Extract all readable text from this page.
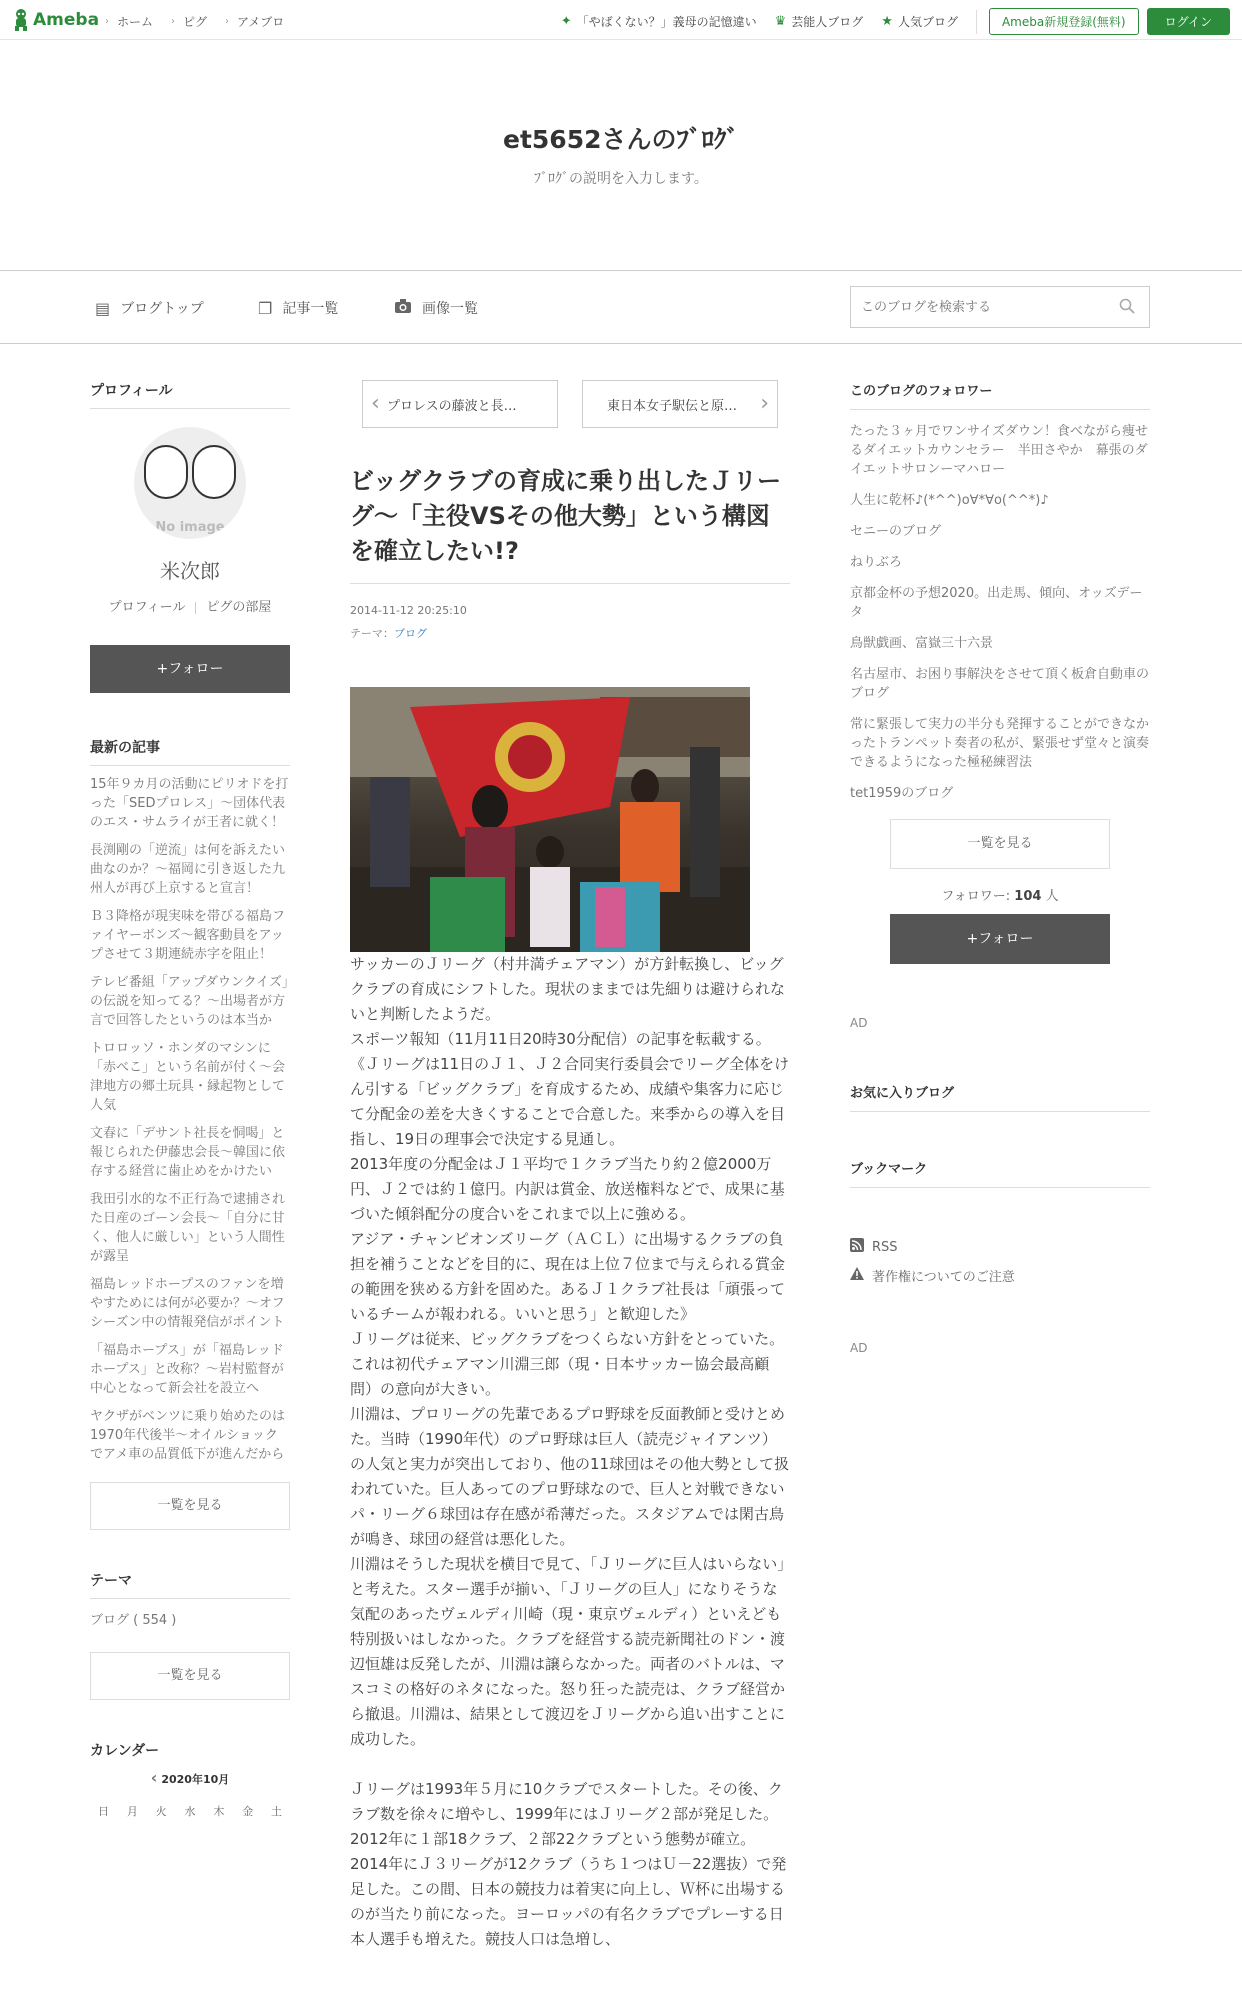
Ameba › ホーム › ピグ › アメブロ	✦ 「やばくない？」義母の記憶違い ♛ 芸能人ブログ ★ 人気ブログ	Ameba新規登録(無料)	ログイン
et5652さんのﾌﾞﾛｸﾞ
ﾌﾞﾛｸﾞの説明を入力します。
▤ ブログトップ	❐ 記事一覧	画像一覧
このブログを検索する
プロフィール
No image
米次郎
プロフィール ピグの部屋
+フォロー
最新の記事
15年９カ月の活動にピリオドを打った「SEDプロレス」～団体代表のエス・サムライが王者に就く！
長渕剛の「逆流」は何を訴えたい曲なのか？～福岡に引き返した九州人が再び上京すると宣言！
Ｂ３降格が現実味を帯びる福島ファイヤーボンズ～観客動員をアップさせて３期連続赤字を阻止！
テレビ番組「アップダウンクイズ」の伝説を知ってる？～出場者が方言で回答したというのは本当か
トロロッソ・ホンダのマシンに「赤べこ」という名前が付く～会津地方の郷土玩具・縁起物として人気
文春に「デサント社長を恫喝」と報じられた伊藤忠会長～韓国に依存する経営に歯止めをかけたい
我田引水的な不正行為で逮捕された日産のゴーン会長～「自分に甘く、他人に厳しい」という人間性が露呈
福島レッドホープスのファンを増やすためには何が必要か？～オフシーズン中の情報発信がポイント
「福島ホープス」が「福島レッドホープス」と改称？～岩村監督が中心となって新会社を設立へ
ヤクザがベンツに乗り始めたのは1970年代後半～オイルショックでアメ車の品質低下が進んだから
一覧を見る
テーマ
ブログ ( 554 )
一覧を見る
カレンダー
‹ 2020年10月
日 月 火 水 木 金 土
‹ プロレスの藤波と長…	東日本女子駅伝と原… ›
ビッグクラブの育成に乗り出したＪリーグ～「主役VSその他大勢」という構図を確立したい!?
2014-11-12 20:25:10
テーマ：ブログ

サッカーのＪリーグ（村井満チェアマン）が方針転換し、ビッグクラブの育成にシフトした。現状のままでは先細りは避けられないと判断したようだ。

スポーツ報知（11月11日20時30分配信）の記事を転載する。

《Ｊリーグは11日のＪ１、Ｊ２合同実行委員会でリーグ全体をけん引する「ビッグクラブ」を育成するため、成績や集客力に応じて分配金の差を大きくすることで合意した。来季からの導入を目指し、19日の理事会で決定する見通し。

2013年度の分配金はＪ１平均で１クラブ当たり約２億2000万円、Ｊ２では約１億円。内訳は賞金、放送権料などで、成果に基づいた傾斜配分の度合いをこれまで以上に強める。

アジア・チャンピオンズリーグ（ＡＣＬ）に出場するクラブの負担を補うことなどを目的に、現在は上位７位まで与えられる賞金の範囲を狭める方針を固めた。あるＪ１クラブ社長は「頑張っているチームが報われる。いいと思う」と歓迎した》

Ｊリーグは従来、ビッグクラブをつくらない方針をとっていた。これは初代チェアマン川淵三郎（現・日本サッカー協会最高顧問）の意向が大きい。

川淵は、プロリーグの先輩であるプロ野球を反面教師と受けとめた。当時（1990年代）のプロ野球は巨人（読売ジャイアンツ）の人気と実力が突出しており、他の11球団はその他大勢として扱われていた。巨人あってのプロ野球なので、巨人と対戦できないパ・リーグ６球団は存在感が希薄だった。スタジアムでは閑古鳥が鳴き、球団の経営は悪化した。

川淵はそうした現状を横目で見て、「Ｊリーグに巨人はいらない」と考えた。スター選手が揃い、「Ｊリーグの巨人」になりそうな気配のあったヴェルディ川崎（現・東京ヴェルディ）といえども特別扱いはしなかった。クラブを経営する読売新聞社のドン・渡辺恒雄は反発したが、川淵は譲らなかった。両者のバトルは、マスコミの格好のネタになった。怒り狂った読売は、クラブ経営から撤退。川淵は、結果として渡辺をＪリーグから追い出すことに成功した。

Ｊリーグは1993年５月に10クラブでスタートした。その後、クラブ数を徐々に増やし、1999年にはＪリーグ２部が発足した。2012年に１部18クラブ、２部22クラブという態勢が確立。2014年にＪ３リーグが12クラブ（うち１つはＵ－22選抜）で発足した。この間、日本の競技力は着実に向上し、Ｗ杯に出場するのが当たり前になった。ヨーロッパの有名クラブでプレーする日本人選手も増えた。競技人口は急増し、

このブログのフォロワー
たった３ヶ月でワンサイズダウン！食べながら痩せるダイエットカウンセラー　半田さやか　幕張のダイエットサロンーマハロー
人生に乾杯♪(*^^)o∀*∀o(^^*)♪
セニーのブログ
ねりぶろ
京都金杯の予想2020。出走馬、傾向、オッズデータ
鳥獣戯画、富嶽三十六景
名古屋市、お困り事解決をさせて頂く板倉自動車のブログ
常に緊張して実力の半分も発揮することができなかったトランペット奏者の私が、緊張せず堂々と演奏できるようになった極秘練習法
tet1959のブログ
一覧を見る
フォロワー: 104 人
+フォロー
AD
お気に入りブログ
ブックマーク
RSS
著作権についてのご注意
AD
